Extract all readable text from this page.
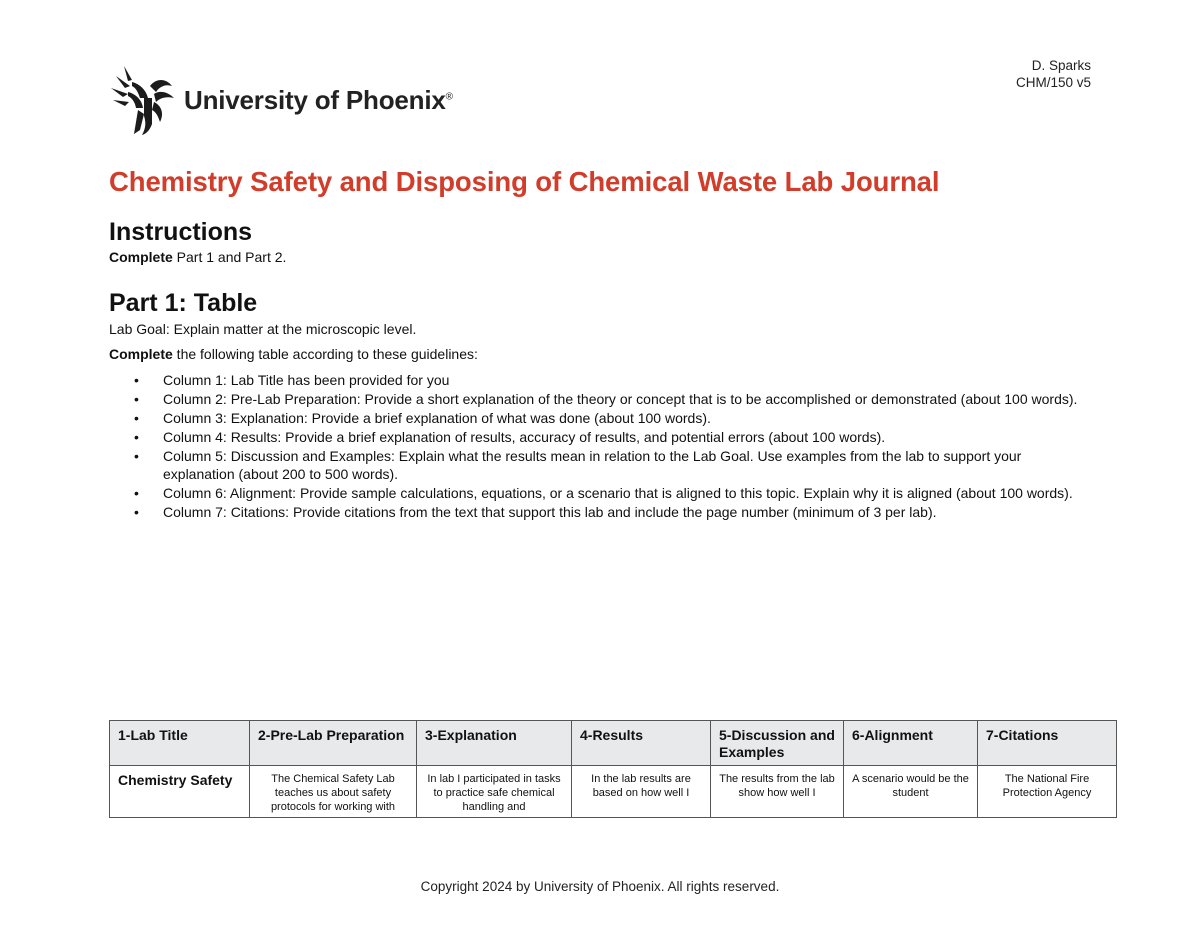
D. Sparks
CHM/150 v5
University of Phoenix®
Chemistry Safety and Disposing of Chemical Waste Lab Journal
Instructions

Complete Part 1 and Part 2.

Part 1: Table

Lab Goal: Explain matter at the microscopic level.

Complete the following table according to these guidelines:

• Column 1: Lab Title has been provided for you
• Column 2: Pre-Lab Preparation: Provide a short explanation of the theory or concept that is to be accomplished or demonstrated (about 100 words).
• Column 3: Explanation: Provide a brief explanation of what was done (about 100 words).
• Column 4: Results: Provide a brief explanation of results, accuracy of results, and potential errors (about 100 words).
• Column 5: Discussion and Examples: Explain what the results mean in relation to the Lab Goal. Use examples from the lab to support your explanation (about 200 to 500 words).
• Column 6: Alignment: Provide sample calculations, equations, or a scenario that is aligned to this topic. Explain why it is aligned (about 100 words).
• Column 7: Citations: Provide citations from the text that support this lab and include the page number (minimum of 3 per lab).
1-Lab Title	2-Pre-Lab Preparation	3-Explanation	4-Results	5-Discussion and Examples	6-Alignment	7-Citations
Chemistry Safety	The Chemical Safety Lab teaches us about safety protocols for working with	In lab I participated in tasks to practice safe chemical handling and	In the lab results are based on how well I	The results from the lab show how well I	A scenario would be the student	The National Fire Protection Agency
Copyright 2024 by University of Phoenix. All rights reserved.
